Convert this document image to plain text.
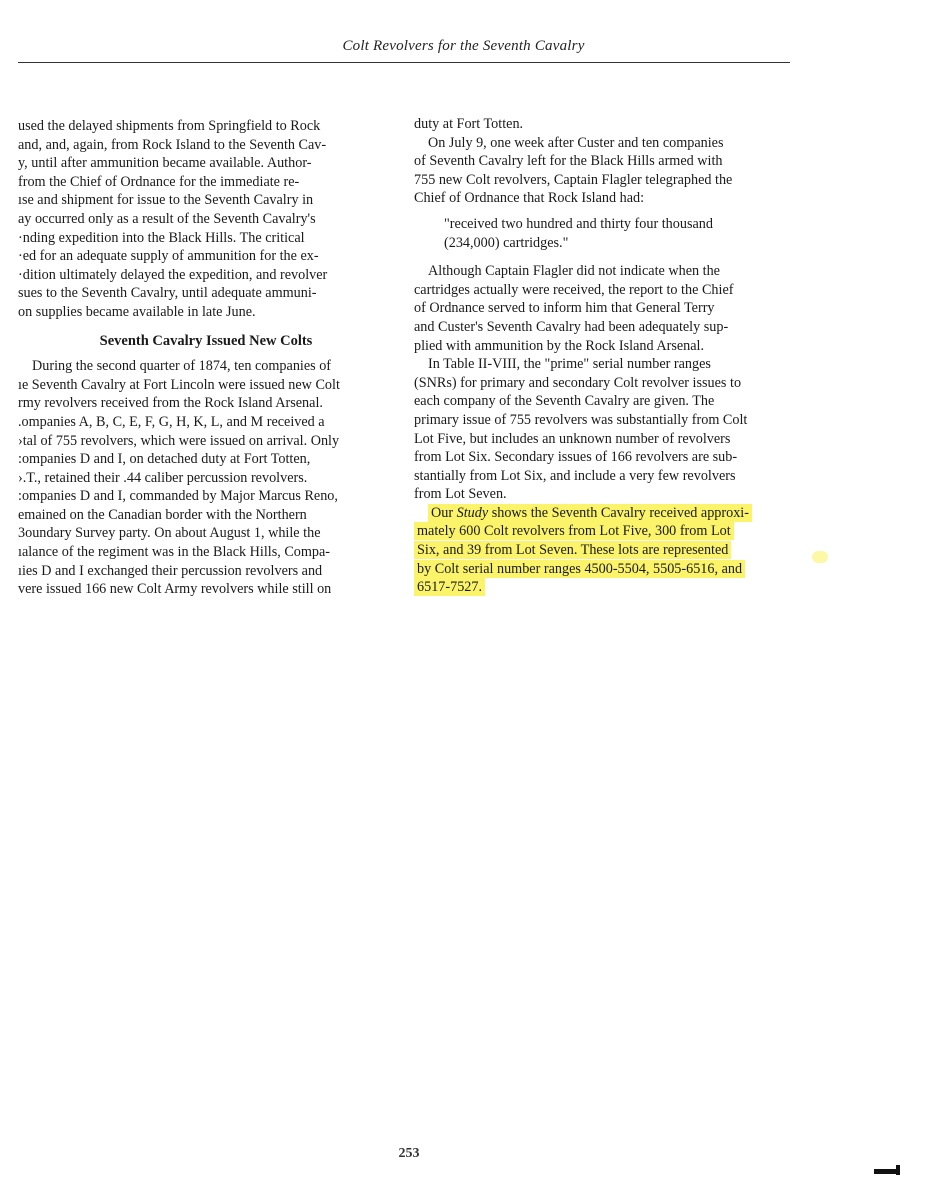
Colt Revolvers for the Seventh Cavalry

used the delayed shipments from Springfield to Rock
and, and, again, from Rock Island to the Seventh Cav-
y, until after ammunition became available. Author-
from the Chief of Ordnance for the immediate re-
ıse and shipment for issue to the Seventh Cavalry in
ay occurred only as a result of the Seventh Cavalry's
·nding expedition into the Black Hills. The critical
·ed for an adequate supply of ammunition for the ex-
·dition ultimately delayed the expedition, and revolver
sues to the Seventh Cavalry, until adequate ammuni-
on supplies became available in late June.

Seventh Cavalry Issued New Colts

During the second quarter of 1874, ten companies of
ıe Seventh Cavalry at Fort Lincoln were issued new Colt
rmy revolvers received from the Rock Island Arsenal.
.ompanies A, B, C, E, F, G, H, K, L, and M received a
›tal of 755 revolvers, which were issued on arrival. Only
:ompanies D and I, on detached duty at Fort Totten,
›.T., retained their .44 caliber percussion revolvers.
:ompanies D and I, commanded by Major Marcus Reno,
emained on the Canadian border with the Northern
3oundary Survey party. On about August 1, while the
ıalance of the regiment was in the Black Hills, Compa-
ıies D and I exchanged their percussion revolvers and
vere issued 166 new Colt Army revolvers while still on

duty at Fort Totten.

On July 9, one week after Custer and ten companies
of Seventh Cavalry left for the Black Hills armed with
755 new Colt revolvers, Captain Flagler telegraphed the
Chief of Ordnance that Rock Island had:

"received two hundred and thirty four thousand
(234,000) cartridges."

Although Captain Flagler did not indicate when the
cartridges actually were received, the report to the Chief
of Ordnance served to inform him that General Terry
and Custer's Seventh Cavalry had been adequately sup-
plied with ammunition by the Rock Island Arsenal.

In Table II-VIII, the "prime" serial number ranges
(SNRs) for primary and secondary Colt revolver issues to
each company of the Seventh Cavalry are given. The
primary issue of 755 revolvers was substantially from Colt
Lot Five, but includes an unknown number of revolvers
from Lot Six. Secondary issues of 166 revolvers are sub-
stantially from Lot Six, and include a very few revolvers
from Lot Seven.

Our Study shows the Seventh Cavalry received approxi-
mately 600 Colt revolvers from Lot Five, 300 from Lot
Six, and 39 from Lot Seven. These lots are represented
by Colt serial number ranges 4500-5504, 5505-6516, and
6517-7527.

253
